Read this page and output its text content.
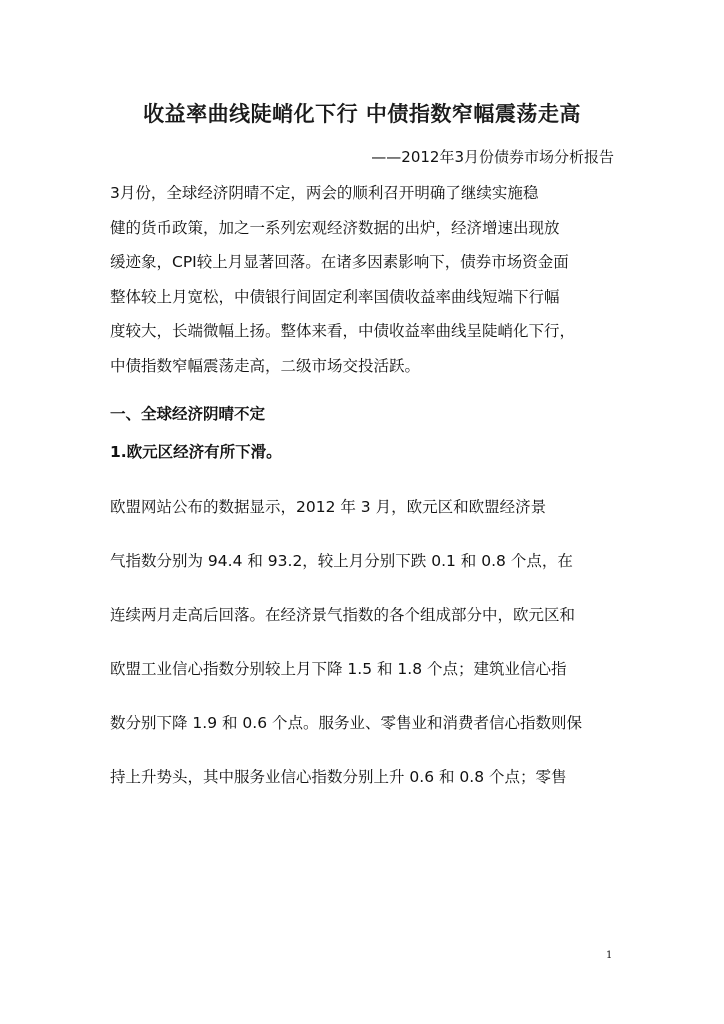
收益率曲线陡峭化下行 中债指数窄幅震荡走高
——2012年3月份债券市场分析报告
3月份，全球经济阴晴不定，两会的顺利召开明确了继续实施稳
健的货币政策，加之一系列宏观经济数据的出炉，经济增速出现放
缓迹象，CPI较上月显著回落。在诸多因素影响下，债券市场资金面
整体较上月宽松，中债银行间固定利率国债收益率曲线短端下行幅
度较大，长端微幅上扬。整体来看，中债收益率曲线呈陡峭化下行，
中债指数窄幅震荡走高，二级市场交投活跃。
一、全球经济阴晴不定
1.欧元区经济有所下滑。
欧盟网站公布的数据显示，2012 年 3 月，欧元区和欧盟经济景
气指数分别为 94.4 和 93.2，较上月分别下跌 0.1 和 0.8 个点，在
连续两月走高后回落。在经济景气指数的各个组成部分中，欧元区和
欧盟工业信心指数分别较上月下降 1.5 和 1.8 个点；建筑业信心指
数分别下降 1.9 和 0.6 个点。服务业、零售业和消费者信心指数则保
持上升势头，其中服务业信心指数分别上升 0.6 和 0.8 个点；零售
1
